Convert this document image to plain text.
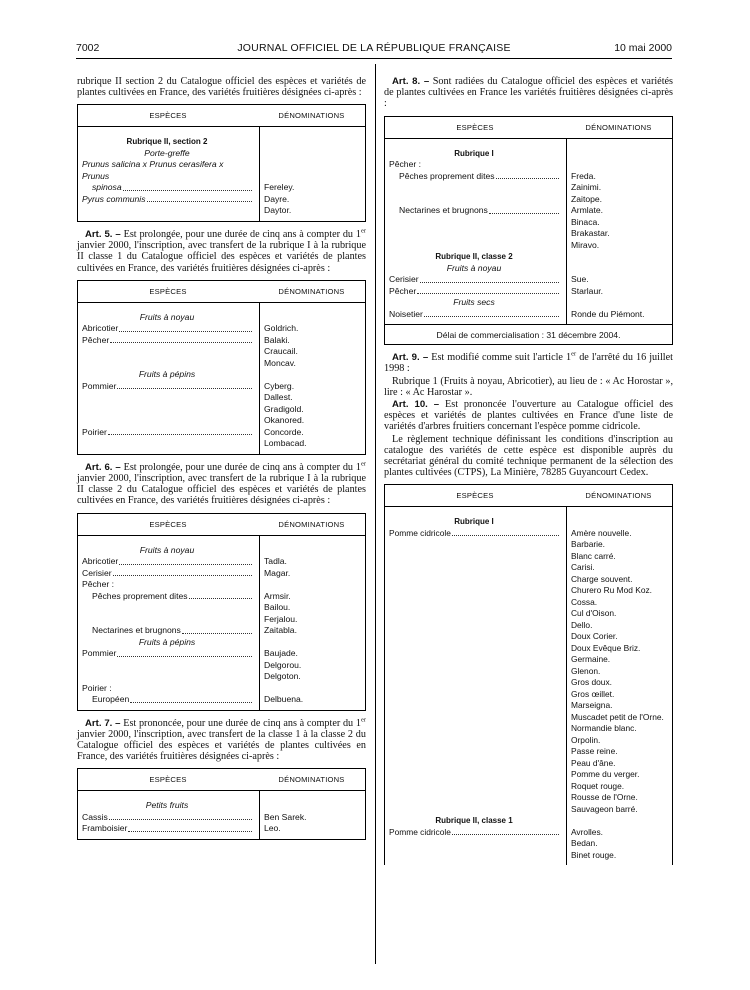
7002	JOURNAL OFFICIEL DE LA RÉPUBLIQUE FRANÇAISE	10 mai 2000

rubrique II section 2 du Catalogue officiel des espèces et variétés de plantes cultivées en France, des variétés fruitières désignées ci-après :

ESPÈCES	DÉNOMINATIONS
Rubrique II, section 2
Porte-greffe
Prunus salicina x Prunus cerasifera x Prunus
spinosa	Fereley.
Pyrus communis	Dayre.
Daytor.

Art. 5. – Est prolongée, pour une durée de cinq ans à compter du 1er janvier 2000, l'inscription, avec transfert de la rubrique I à la rubrique II classe 1 du Catalogue officiel des espèces et variétés de plantes cultivées en France, des variétés fruitières désignées ci-après :

ESPÈCES	DÉNOMINATIONS
Fruits à noyau
Abricotier	Goldrich.
Pêcher	Balaki.
Craucail.
Moncav.
Fruits à pépins
Pommier	Cyberg.
Dallest.
Gradigold.
Okanored.
Poirier	Concorde.
Lombacad.

Art. 6. – Est prolongée, pour une durée de cinq ans à compter du 1er janvier 2000, l'inscription, avec transfert de la rubrique I à la rubrique II classe 2 du Catalogue officiel des espèces et variétés de plantes cultivées en France, des variétés fruitières désignées ci-après :

ESPÈCES	DÉNOMINATIONS
Fruits à noyau
Abricotier	Tadla.
Cerisier	Magar.
Pêcher :
Pêches proprement dites	Armsir.
Bailou.
Ferjalou.
Nectarines et brugnons	Zaitabla.
Fruits à pépins
Pommier	Baujade.
Delgorou.
Delgoton.
Poirier :
Européen	Delbuena.

Art. 7. – Est prononcée, pour une durée de cinq ans à compter du 1er janvier 2000, l'inscription, avec transfert de la classe 1 à la classe 2 du Catalogue officiel des espèces et variétés de plantes cultivées en France, des variétés fruitières désignées ci-après :

ESPÈCES	DÉNOMINATIONS
Petits fruits
Cassis	Ben Sarek.
Framboisier	Leo.

Art. 8. – Sont radiées du Catalogue officiel des espèces et variétés de plantes cultivées en France les variétés fruitières désignées ci-après :

ESPÈCES	DÉNOMINATIONS
Rubrique I
Pêcher :
Pêches proprement dites	Freda.
Zainimi.
Zaitope.
Nectarines et brugnons	Armlate.
Binaca.
Brakastar.
Miravo.
Rubrique II, classe 2
Fruits à noyau
Cerisier	Sue.
Pêcher	Starlaur.
Fruits secs
Noisetier	Ronde du Piémont.
Délai de commercialisation : 31 décembre 2004.

Art. 9. – Est modifié comme suit l'article 1er de l'arrêté du 16 juillet 1998 :

Rubrique 1 (Fruits à noyau, Abricotier), au lieu de : « Ac Horostar », lire : « Ac Harostar ».

Art. 10. – Est prononcée l'ouverture au Catalogue officiel des espèces et variétés de plantes cultivées en France d'une liste de variétés d'arbres fruitiers concernant l'espèce pomme cidricole.

Le règlement technique définissant les conditions d'inscription au catalogue des variétés de cette espèce est disponible auprès du secrétariat général du comité technique permanent de la sélection des plantes cultivées (CTPS), La Minière, 78285 Guyancourt Cedex.

ESPÈCES	DÉNOMINATIONS
Rubrique I
Pomme cidricole	Amère nouvelle.
Barbarie.
Blanc carré.
Carisi.
Charge souvent.
Churero Ru Mod Koz.
Cossa.
Cul d'Oison.
Dello.
Doux Corier.
Doux Evêque Briz.
Germaine.
Glenon.
Gros doux.
Gros œillet.
Marseigna.
Muscadet petit de l'Orne.
Normandie blanc.
Orpolin.
Passe reine.
Peau d'âne.
Pomme du verger.
Roquet rouge.
Rousse de l'Orne.
Sauvageon barré.
Rubrique II, classe 1
Pomme cidricole	Avrolles.
Bedan.
Binet rouge.
